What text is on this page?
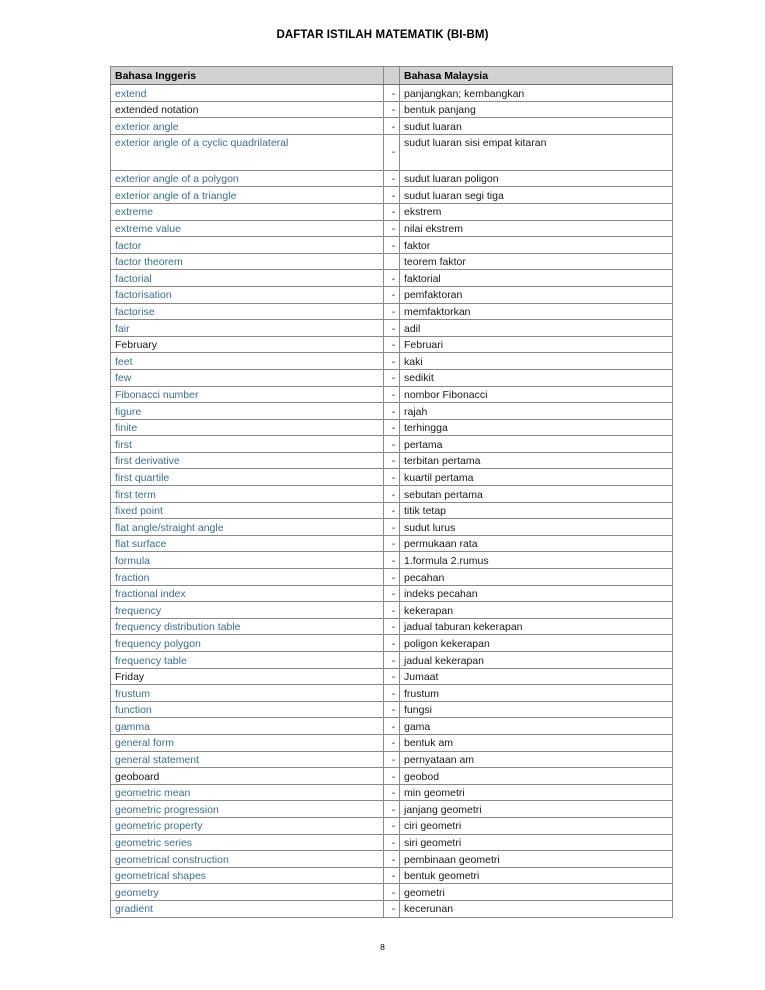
DAFTAR ISTILAH MATEMATIK (BI-BM)
Bahasa Inggeris		Bahasa Malaysia
extend	-	panjangkan; kembangkan
extended notation	-	bentuk panjang
exterior angle	-	sudut luaran
exterior angle of a cyclic quadrilateral	-	sudut luaran sisi empat kitaran
exterior angle of a polygon	-	sudut luaran poligon
exterior angle of a triangle	-	sudut luaran segi tiga
extreme	-	ekstrem
extreme value	-	nilai ekstrem
factor	-	faktor
factor theorem		teorem faktor
factorial	-	faktorial
factorisation	-	pemfaktoran
factorise	-	memfaktorkan
fair	-	adil
February	-	Februari
feet	-	kaki
few	-	sedikit
Fibonacci number	-	nombor Fibonacci
figure	-	rajah
finite	-	terhingga
first	-	pertama
first derivative	-	terbitan pertama
first quartile	-	kuartil pertama
first term	-	sebutan pertama
fixed point	-	titik tetap
flat angle/straight angle	-	sudut lurus
flat surface	-	permukaan rata
formula	-	1.formula 2.rumus
fraction	-	pecahan
fractional index	-	indeks pecahan
frequency	-	kekerapan
frequency distribution table	-	jadual taburan kekerapan
frequency polygon	-	poligon kekerapan
frequency table	-	jadual kekerapan
Friday	-	Jumaat
frustum	-	frustum
function	-	fungsi
gamma	-	gama
general form	-	bentuk am
general statement	-	pernyataan am
geoboard	-	geobod
geometric mean	-	min geometri
geometric progression	-	janjang geometri
geometric property	-	ciri geometri
geometric series	-	siri geometri
geometrical construction	-	pembinaan geometri
geometrical shapes	-	bentuk geometri
geometry	-	geometri
gradient	-	kecerunan
8
